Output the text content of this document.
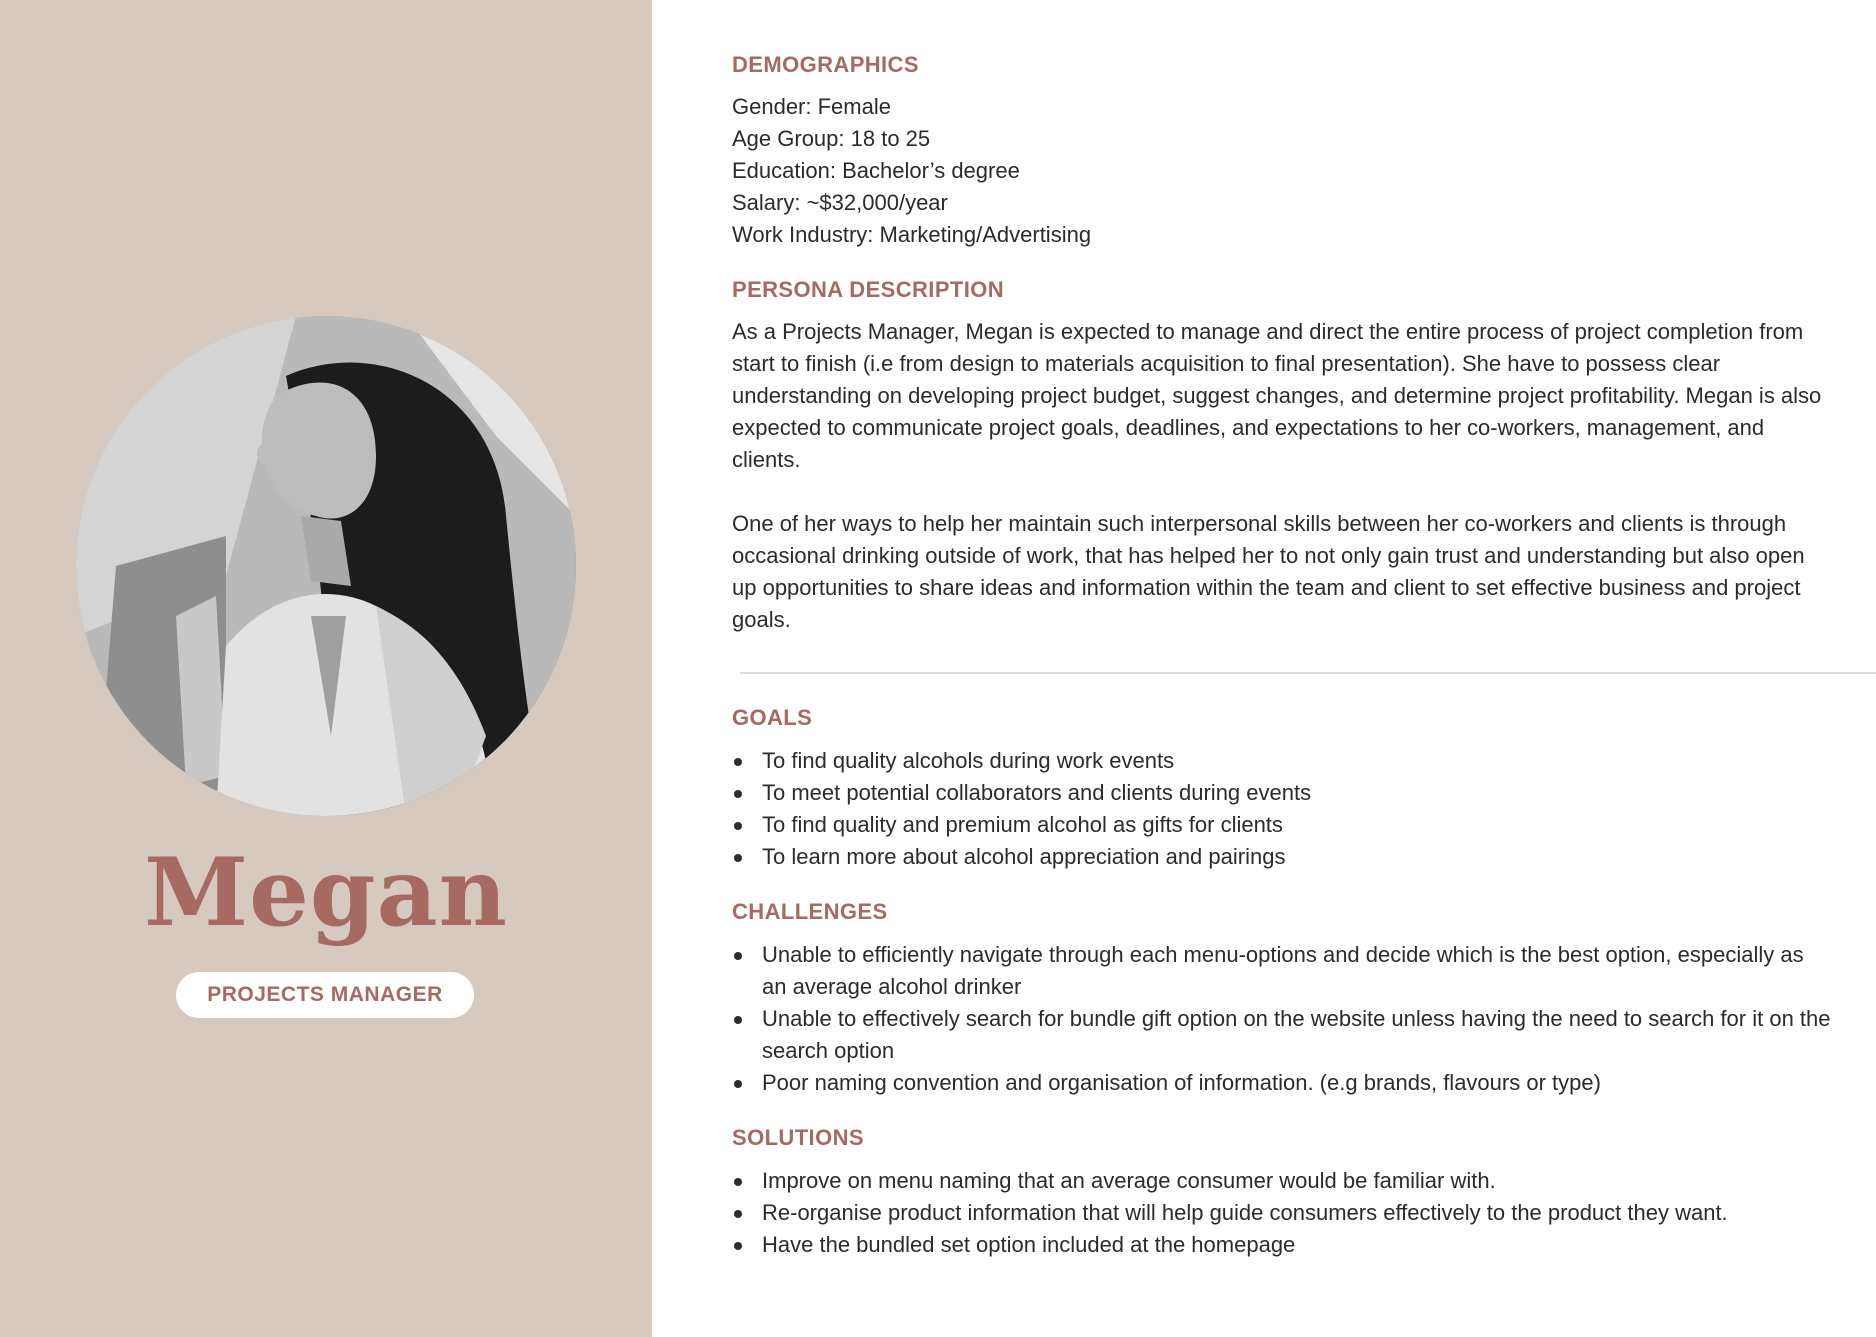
Megan
PROJECTS MANAGER
DEMOGRAPHICS
Gender: Female
Age Group: 18 to 25
Education: Bachelor’s degree
Salary: ~$32,000/year
Work Industry: Marketing/Advertising
PERSONA DESCRIPTION

As a Projects Manager, Megan is expected to manage and direct the entire process of project completion from start to finish (i.e from design to materials acquisition to final presentation). She have to possess clear understanding on developing project budget, suggest changes, and determine project profitability. Megan is also expected to communicate project goals, deadlines, and expectations to her co-workers, management, and clients.

One of her ways to help her maintain such interpersonal skills between her co-workers and clients is through occasional drinking outside of work, that has helped her to not only gain trust and understanding but also open up opportunities to share ideas and information within the team and client to set effective business and project goals.

GOALS
To find quality alcohols during work events
To meet potential collaborators and clients during events
To find quality and premium alcohol as gifts for clients
To learn more about alcohol appreciation and pairings
CHALLENGES
Unable to efficiently navigate through each menu-options and decide which is the best option, especially as an average alcohol drinker
Unable to effectively search for bundle gift option on the website unless having the need to search for it on the search option
Poor naming convention and organisation of information. (e.g brands, flavours or type)
SOLUTIONS
Improve on menu naming that an average consumer would be familiar with.
Re-organise product information that will help guide consumers effectively to the product they want.
Have the bundled set option included at the homepage
